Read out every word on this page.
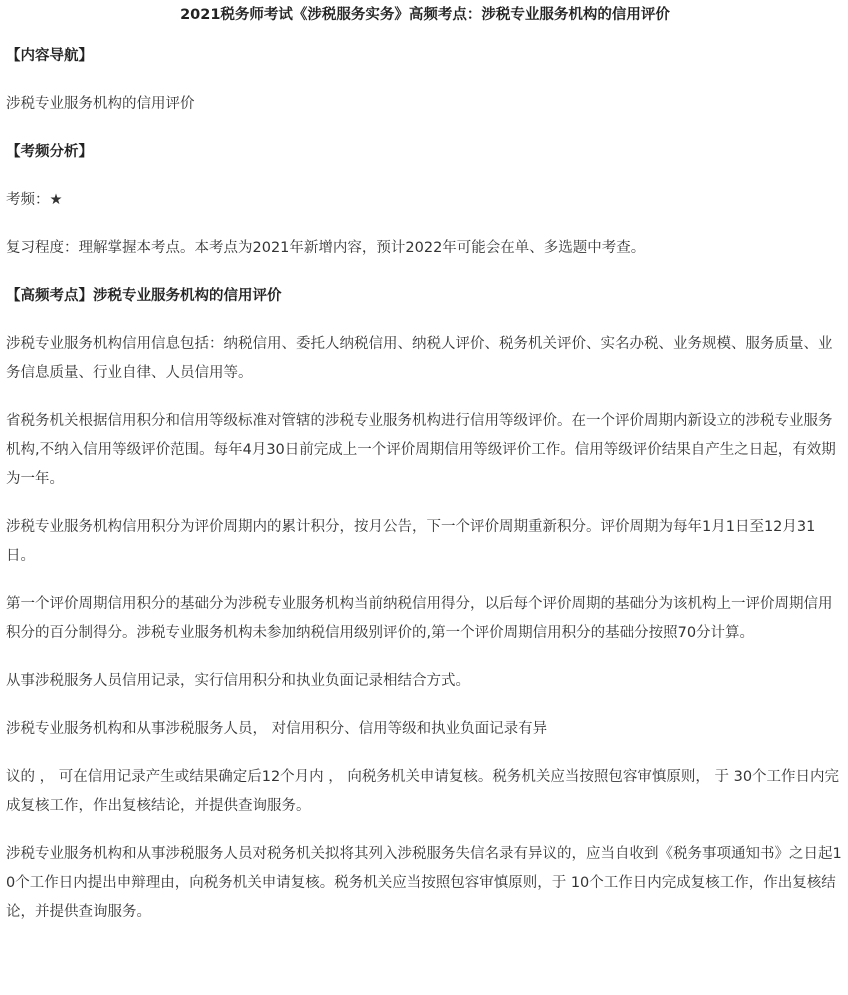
2021税务师考试《涉税服务实务》高频考点：涉税专业服务机构的信用评价

【内容导航】

涉税专业服务机构的信用评价

【考频分析】

考频：★

复习程度：理解掌握本考点。本考点为2021年新增内容，预计2022年可能会在单、多选题中考查。

【高频考点】涉税专业服务机构的信用评价

涉税专业服务机构信用信息包括：纳税信用、委托人纳税信用、纳税人评价、税务机关评价、实名办税、业务规模、服务质量、业务信息质量、行业自律、人员信用等。

省税务机关根据信用积分和信用等级标准对管辖的涉税专业服务机构进行信用等级评价。在一个评价周期内新设立的涉税专业服务机构,不纳入信用等级评价范围。每年4月30日前完成上一个评价周期信用等级评价工作。信用等级评价结果自产生之日起，有效期为一年。

涉税专业服务机构信用积分为评价周期内的累计积分，按月公告，下一个评价周期重新积分。评价周期为每年1月1日至12月31日。

第一个评价周期信用积分的基础分为涉税专业服务机构当前纳税信用得分，以后每个评价周期的基础分为该机构上一评价周期信用积分的百分制得分。涉税专业服务机构未参加纳税信用级别评价的,第一个评价周期信用积分的基础分按照70分计算。

从事涉税服务人员信用记录，实行信用积分和执业负面记录相结合方式。

涉税专业服务机构和从事涉税服务人员， 对信用积分、信用等级和执业负面记录有异

议的 ， 可在信用记录产生或结果确定后12个月内 ， 向税务机关申请复核。税务机关应当按照包容审慎原则， 于 30个工作日内完成复核工作，作出复核结论，并提供查询服务。

涉税专业服务机构和从事涉税服务人员对税务机关拟将其列入涉税服务失信名录有异议的，应当自收到《税务事项通知书》之日起10个工作日内提出申辩理由，向税务机关申请复核。税务机关应当按照包容审慎原则，于 10个工作日内完成复核工作，作出复核结论，并提供查询服务。
